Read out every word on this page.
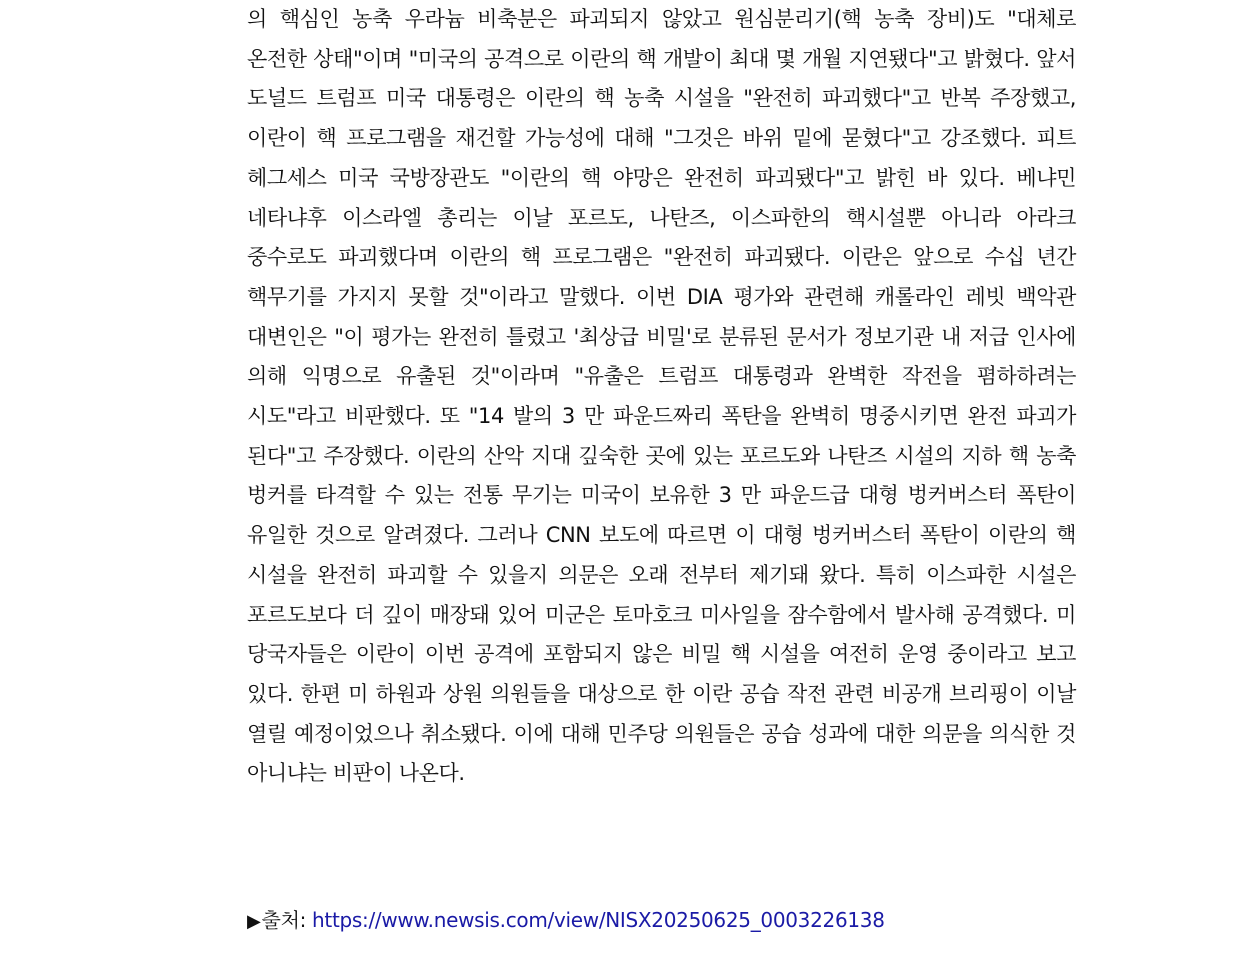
의 핵심인 농축 우라늄 비축분은 파괴되지 않았고 원심분리기(핵 농축 장비)도 "대체로 온전한 상태"이며 "미국의 공격으로 이란의 핵 개발이 최대 몇 개월 지연됐다"고 밝혔다. 앞서 도널드 트럼프 미국 대통령은 이란의 핵 농축 시설을 "완전히 파괴했다"고 반복 주장했고, 이란이 핵 프로그램을 재건할 가능성에 대해 "그것은 바위 밑에 묻혔다"고 강조했다. 피트 헤그세스 미국 국방장관도 "이란의 핵 야망은 완전히 파괴됐다"고 밝힌 바 있다. 베냐민 네타냐후 이스라엘 총리는 이날 포르도, 나탄즈, 이스파한의 핵시설뿐 아니라 아라크 중수로도 파괴했다며 이란의 핵 프로그램은 "완전히 파괴됐다. 이란은 앞으로 수십 년간 핵무기를 가지지 못할 것"이라고 말했다. 이번 DIA 평가와 관련해 캐롤라인 레빗 백악관 대변인은 "이 평가는 완전히 틀렸고 '최상급 비밀'로 분류된 문서가 정보기관 내 저급 인사에 의해 익명으로 유출된 것"이라며 "유출은 트럼프 대통령과 완벽한 작전을 폄하하려는 시도"라고 비판했다. 또 "14 발의 3 만 파운드짜리 폭탄을 완벽히 명중시키면 완전 파괴가 된다"고 주장했다. 이란의 산악 지대 깊숙한 곳에 있는 포르도와 나탄즈 시설의 지하 핵 농축 벙커를 타격할 수 있는 전통 무기는 미국이 보유한 3 만 파운드급 대형 벙커버스터 폭탄이 유일한 것으로 알려졌다. 그러나 CNN 보도에 따르면 이 대형 벙커버스터 폭탄이 이란의 핵 시설을 완전히 파괴할 수 있을지 의문은 오래 전부터 제기돼 왔다. 특히 이스파한 시설은 포르도보다 더 깊이 매장돼 있어 미군은 토마호크 미사일을 잠수함에서 발사해 공격했다. 미 당국자들은 이란이 이번 공격에 포함되지 않은 비밀 핵 시설을 여전히 운영 중이라고 보고 있다. 한편 미 하원과 상원 의원들을 대상으로 한 이란 공습 작전 관련 비공개 브리핑이 이날 열릴 예정이었으나 취소됐다. 이에 대해 민주당 의원들은 공습 성과에 대한 의문을 의식한 것 아니냐는 비판이 나온다.

▶출처: https://www.newsis.com/view/NISX20250625_0003226138
